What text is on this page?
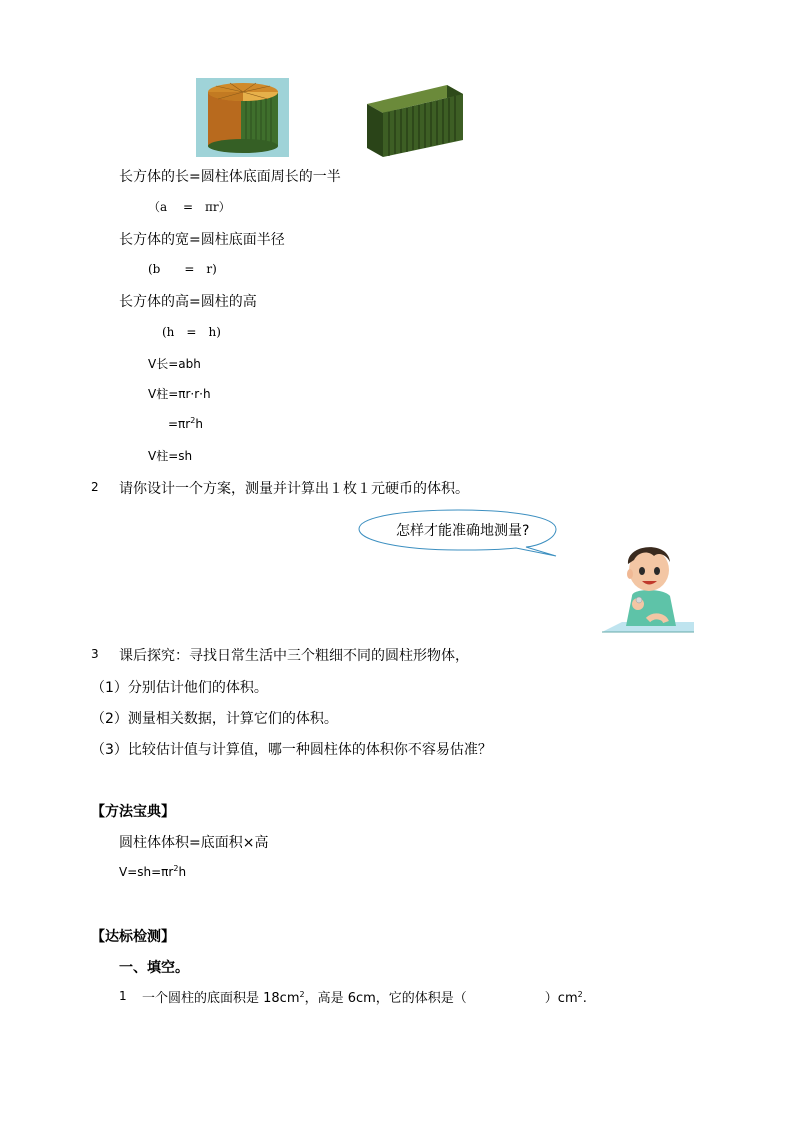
长方体的长=圆柱体底面周长的一半
（a　 =　πr）
长方体的宽=圆柱底面半径
(b　　=　r)
长方体的高=圆柱的高
(h　=　h)
V长=abh
V柱=πr·r·h
$=\pi r^2h$
V柱=sh
2 请你设计一个方案，测量并计算出１枚１元硬币的体积。
怎样才能准确地测量?
3 课后探究：寻找日常生活中三个粗细不同的圆柱形物体，
（1）分别估计他们的体积。
（2）测量相关数据，计算它们的体积。
（3）比较估计值与计算值，哪一种圆柱体的体积你不容易估准？
【方法宝典】
圆柱体体积=底面积×高
$V=sh=\pi r^2h$
【达标检测】
一、填空。
1 一个圆柱的底面积是 $18cm^2$，高是 6cm，它的体积是（　　　　　　）$cm^2$.
